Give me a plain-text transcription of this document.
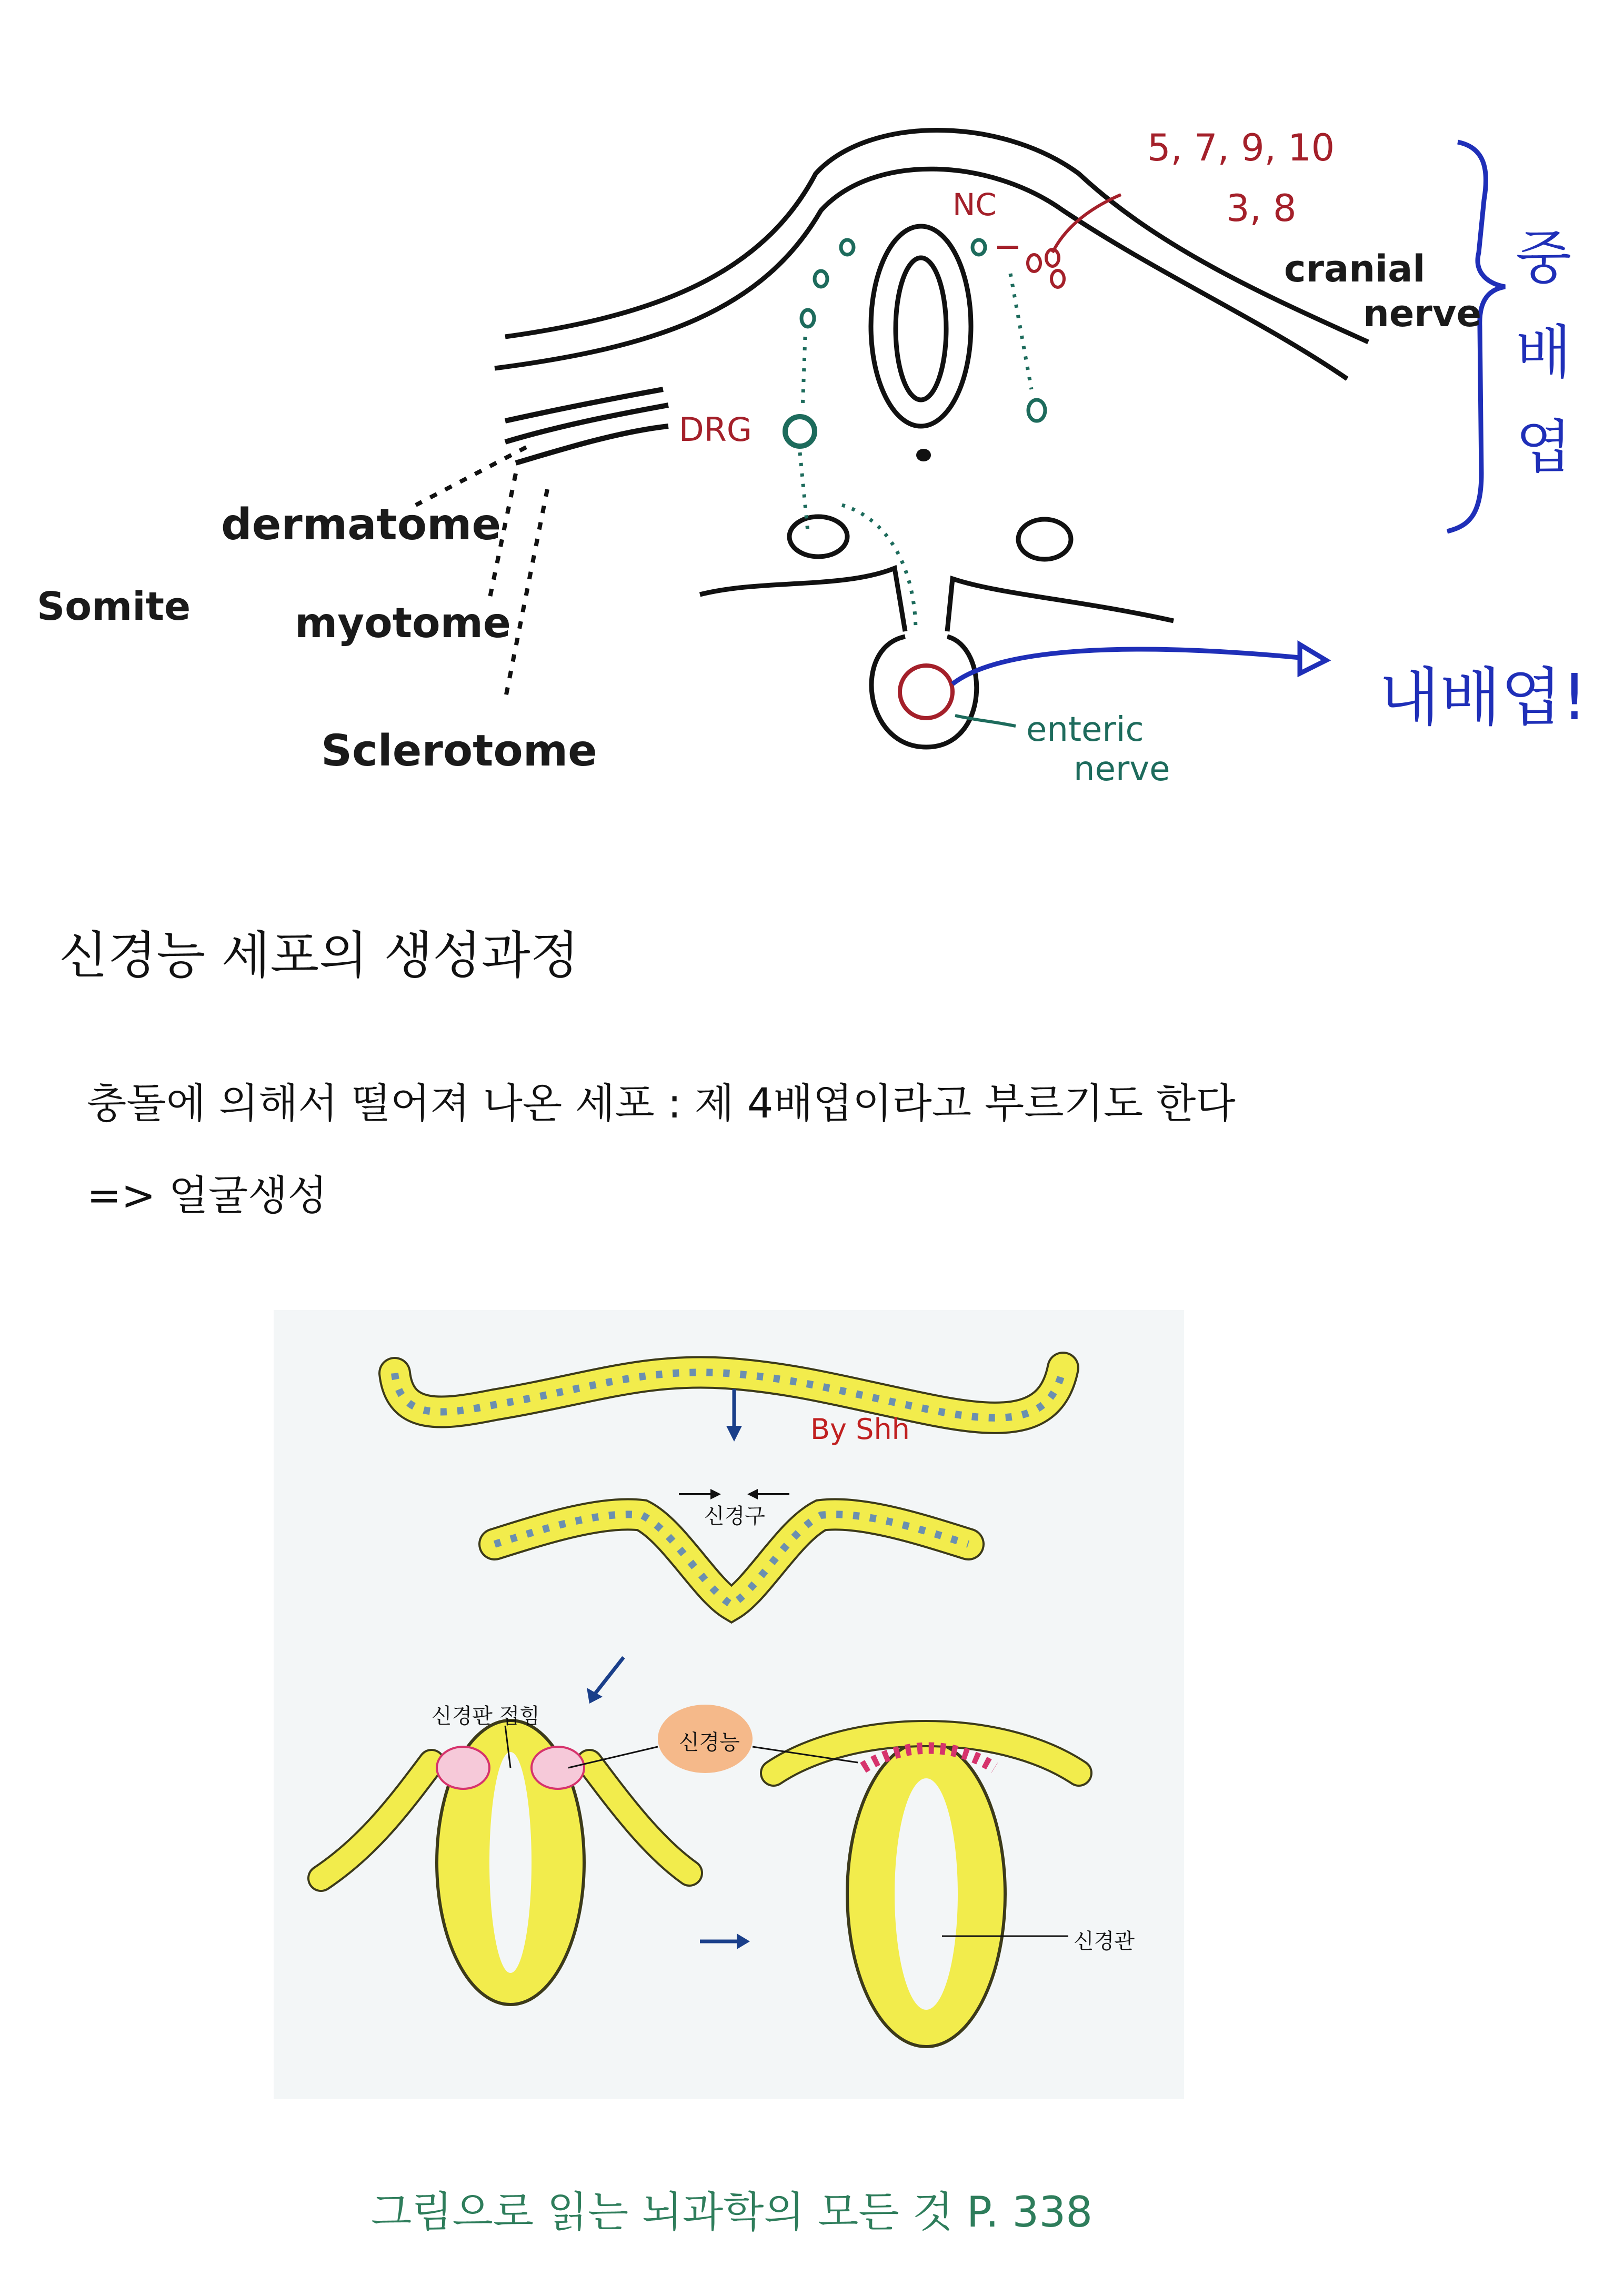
5, 7, 9, 10
3, 8
NC
cranial
nerve
중배엽
DRG
dermatome
Somite	myotome
Sclerotome	enteric
nerve
내배엽!
신경능 세포의 생성과정
충돌에 의해서 떨어져 나온 세포 : 제 4배엽이라고 부르기도 한다
=> 얼굴생성
By Shh
신경구
신경판 접힘
신경능
신경관
그림으로 읽는 뇌과학의 모든 것 P. 338
